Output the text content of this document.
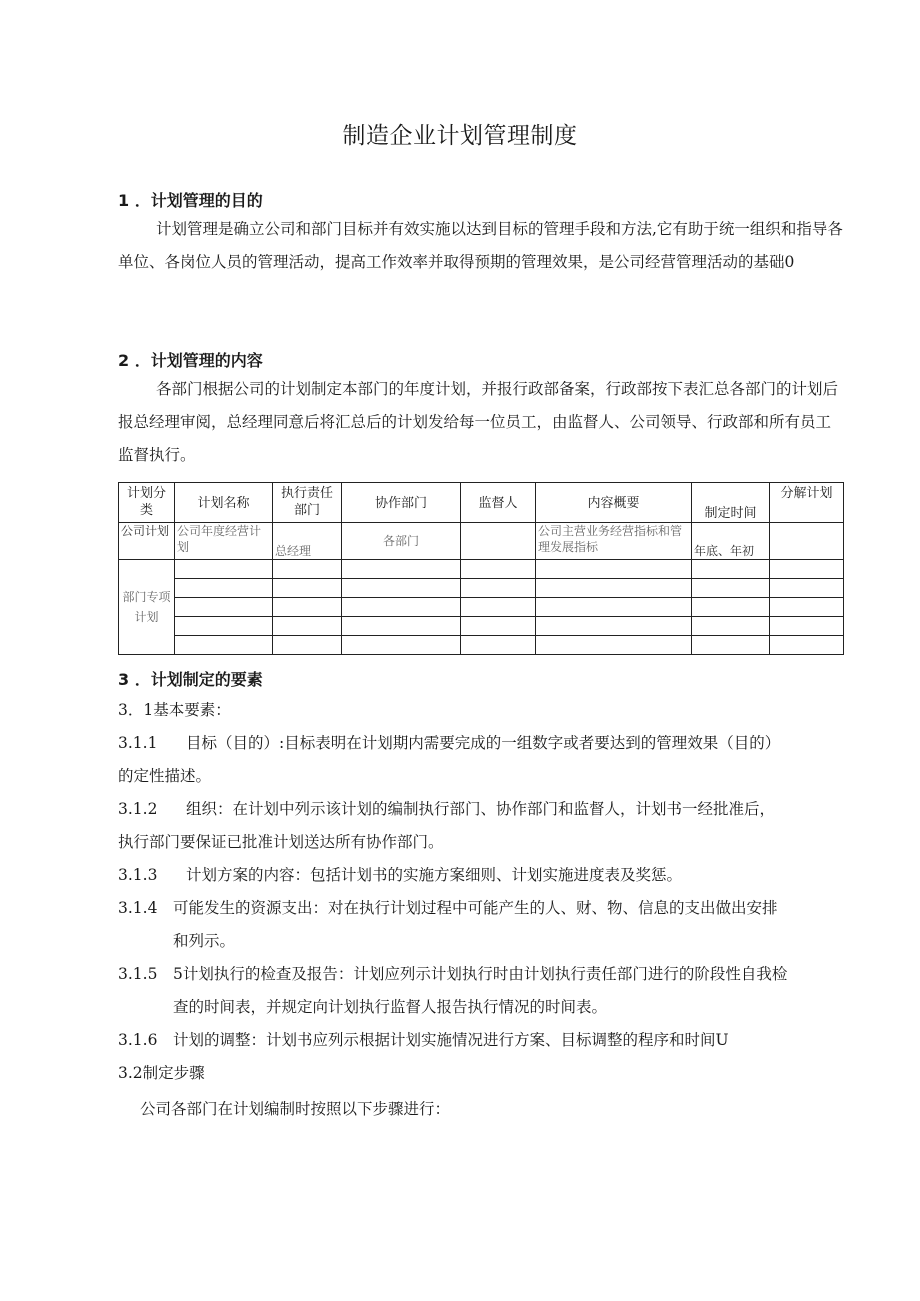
制造企业计划管理制度
1 ．计划管理的目的
计划管理是确立公司和部门目标并有效实施以达到目标的管理手段和方法,它有助于统一组织和指导各单位、各岗位人员的管理活动，提高工作效率并取得预期的管理效果，是公司经营管理活动的基础0
2 ．计划管理的内容
各部门根据公司的计划制定本部门的年度计划，并报行政部备案，行政部按下表汇总各部门的计划后报总经理审阅，总经理同意后将汇总后的计划发给每一位员工，由监督人、公司领导、行政部和所有员工监督执行。
计划分类	计划名称	执行责任部门	协作部门	监督人	内容概要	制定时间	分解计划
公司计划	公司年度经营计划	总经理	各部门		公司主营业务经营指标和管理发展指标	年底、年初	
部门专项计划							

3 ．计划制定的要素
3．1基本要素：
3.1.1 目标（目的）:目标表明在计划期内需要完成的一组数字或者要达到的管理效果（目的）
的定性描述。
3.1.2 组织：在计划中列示该计划的编制执行部门、协作部门和监督人，计划书一经批准后，
执行部门要保证已批准计划送达所有协作部门。
3.1.3 计划方案的内容：包括计划书的实施方案细则、计划实施进度表及奖惩。
3.1.4 可能发生的资源支出：对在执行计划过程中可能产生的人、财、物、信息的支出做出安排
和列示。
3.1.5 5计划执行的检查及报告：计划应列示计划执行时由计划执行责任部门进行的阶段性自我检
查的时间表，并规定向计划执行监督人报告执行情况的时间表。
3.1.6 计划的调整：计划书应列示根据计划实施情况进行方案、目标调整的程序和时间U
3.2制定步骤
公司各部门在计划编制时按照以下步骤进行：
